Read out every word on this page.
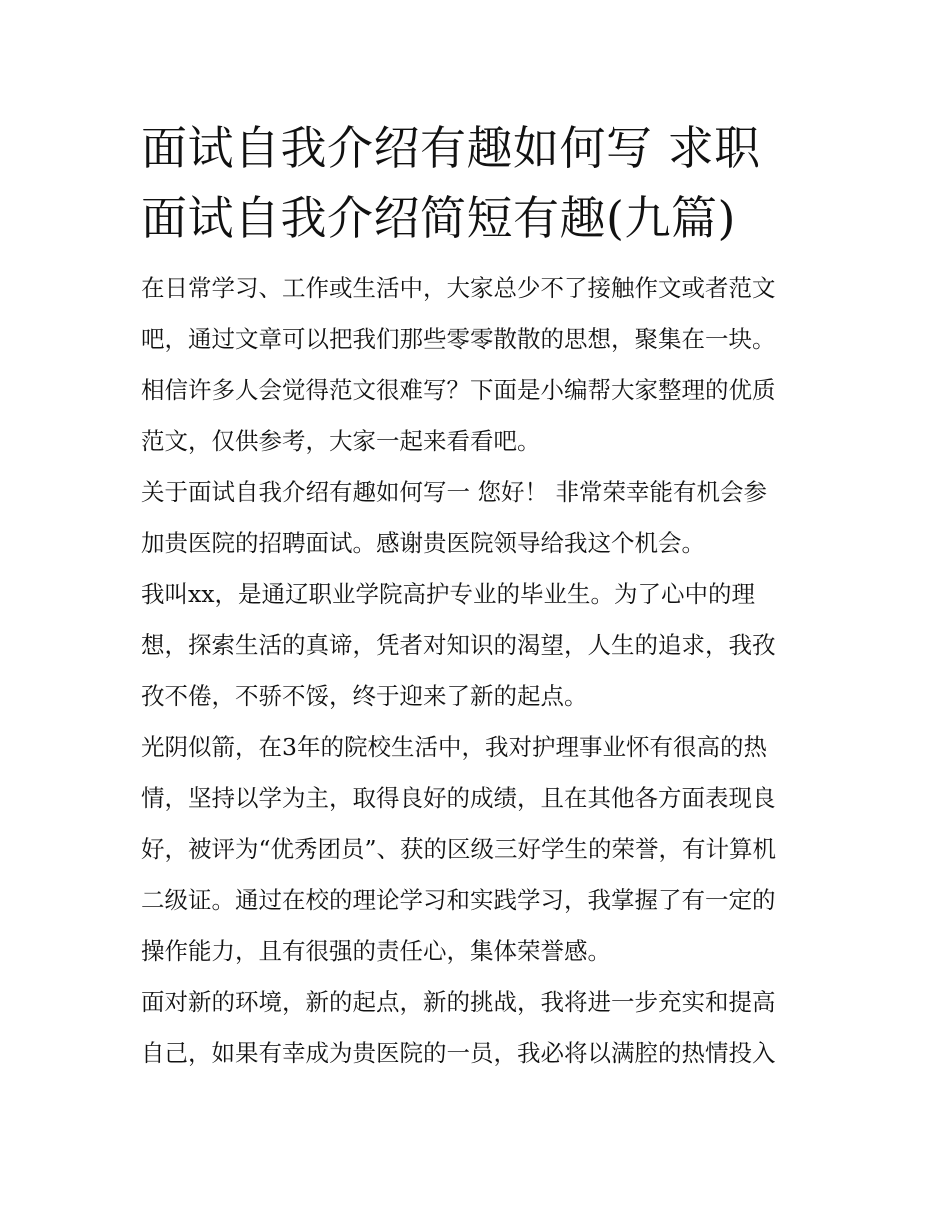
面试自我介绍有趣如何写 求职
面试自我介绍简短有趣(九篇)

在日常学习、工作或生活中，大家总少不了接触作文或者范文
吧，通过文章可以把我们那些零零散散的思想，聚集在一块。
相信许多人会觉得范文很难写？下面是小编帮大家整理的优质
范文，仅供参考，大家一起来看看吧。

关于面试自我介绍有趣如何写一 您好！ 非常荣幸能有机会参
加贵医院的招聘面试。感谢贵医院领导给我这个机会。

我叫xx，是通辽职业学院高护专业的毕业生。为了心中的理
想，探索生活的真谛，凭者对知识的渴望，人生的追求，我孜
孜不倦，不骄不馁，终于迎来了新的起点。

光阴似箭，在3年的院校生活中，我对护理事业怀有很高的热
情，坚持以学为主，取得良好的成绩，且在其他各方面表现良
好，被评为“优秀团员”、获的区级三好学生的荣誉，有计算机
二级证。通过在校的理论学习和实践学习，我掌握了有一定的
操作能力，且有很强的责任心，集体荣誉感。

面对新的环境，新的起点，新的挑战，我将进一步充实和提高
自己，如果有幸成为贵医院的一员，我必将以满腔的热情投入
